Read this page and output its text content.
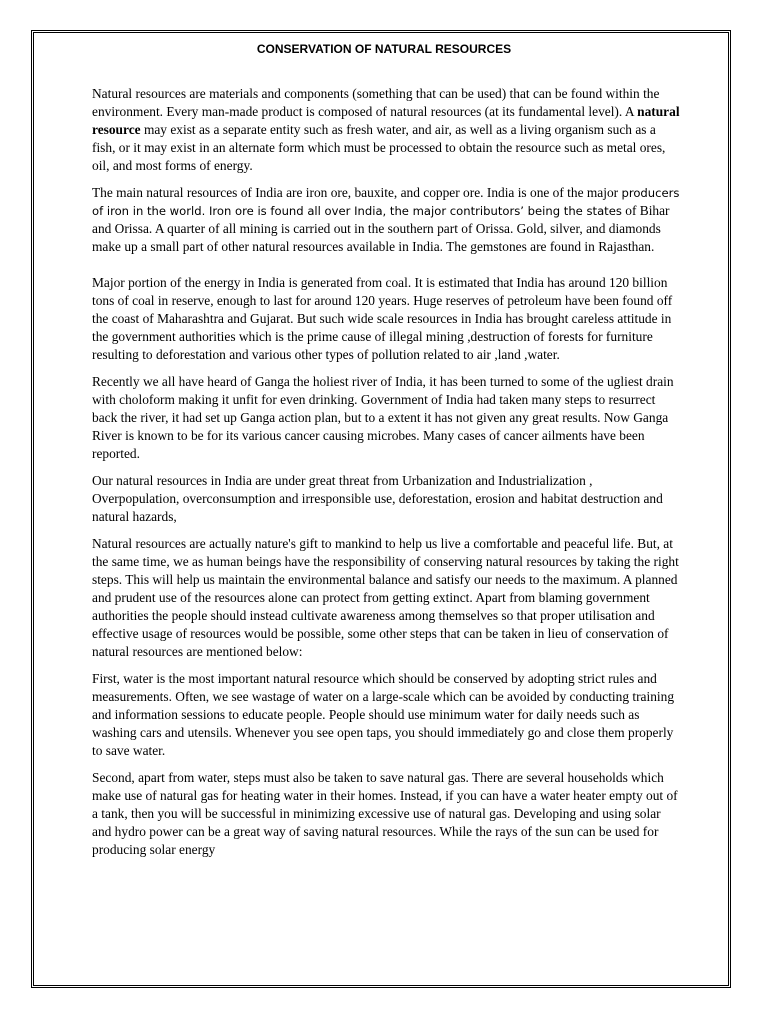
CONSERVATION OF NATURAL RESOURCES

Natural resources are materials and components (something that can be used) that can be found within the environment. Every man-made product is composed of natural resources (at its fundamental level). A natural resource may exist as a separate entity such as fresh water, and air, as well as a living organism such as a fish, or it may exist in an alternate form which must be processed to obtain the resource such as metal ores, oil, and most forms of energy.

The main natural resources of India are iron ore, bauxite, and copper ore. India is one of the major producers of iron in the world. Iron ore is found all over India, the major contributors’ being the states of Bihar and Orissa. A quarter of all mining is carried out in the southern part of Orissa. Gold, silver, and diamonds make up a small part of other natural resources available in India. The gemstones are found in Rajasthan.

Major portion of the energy in India is generated from coal. It is estimated that India has around 120 billion tons of coal in reserve, enough to last for around 120 years. Huge reserves of petroleum have been found off the coast of Maharashtra and Gujarat. But such wide scale resources in India has brought careless attitude in the government authorities which is the prime cause of illegal mining ,destruction of forests for furniture resulting to deforestation and various other types of pollution related to air ,land ,water.

Recently we all have heard of Ganga the holiest river of India, it has been turned to some of the ugliest drain with choloform making it unfit for even drinking. Government of India had taken many steps to resurrect back the river, it had set up Ganga action plan, but to a extent it has not given any great results. Now Ganga River is known to be for its various cancer causing microbes. Many cases of cancer ailments have been reported.

Our natural resources in India are under great threat from Urbanization and Industrialization , Overpopulation, overconsumption and irresponsible use, deforestation, erosion and habitat destruction and natural hazards,

Natural resources are actually nature's gift to mankind to help us live a comfortable and peaceful life. But, at the same time, we as human beings have the responsibility of conserving natural resources by taking the right steps. This will help us maintain the environmental balance and satisfy our needs to the maximum. A planned and prudent use of the resources alone can protect from getting extinct. Apart from blaming government authorities the people should instead cultivate awareness among themselves so that proper utilisation and effective usage of resources would be possible, some other steps that can be taken in lieu of conservation of natural resources are mentioned below:

First, water is the most important natural resource which should be conserved by adopting strict rules and measurements. Often, we see wastage of water on a large-scale which can be avoided by conducting training and information sessions to educate people. People should use minimum water for daily needs such as washing cars and utensils. Whenever you see open taps, you should immediately go and close them properly to save water.

Second, apart from water, steps must also be taken to save natural gas. There are several households which make use of natural gas for heating water in their homes. Instead, if you can have a water heater empty out of a tank, then you will be successful in minimizing excessive use of natural gas. Developing and using solar and hydro power can be a great way of saving natural resources. While the rays of the sun can be used for producing solar energy
